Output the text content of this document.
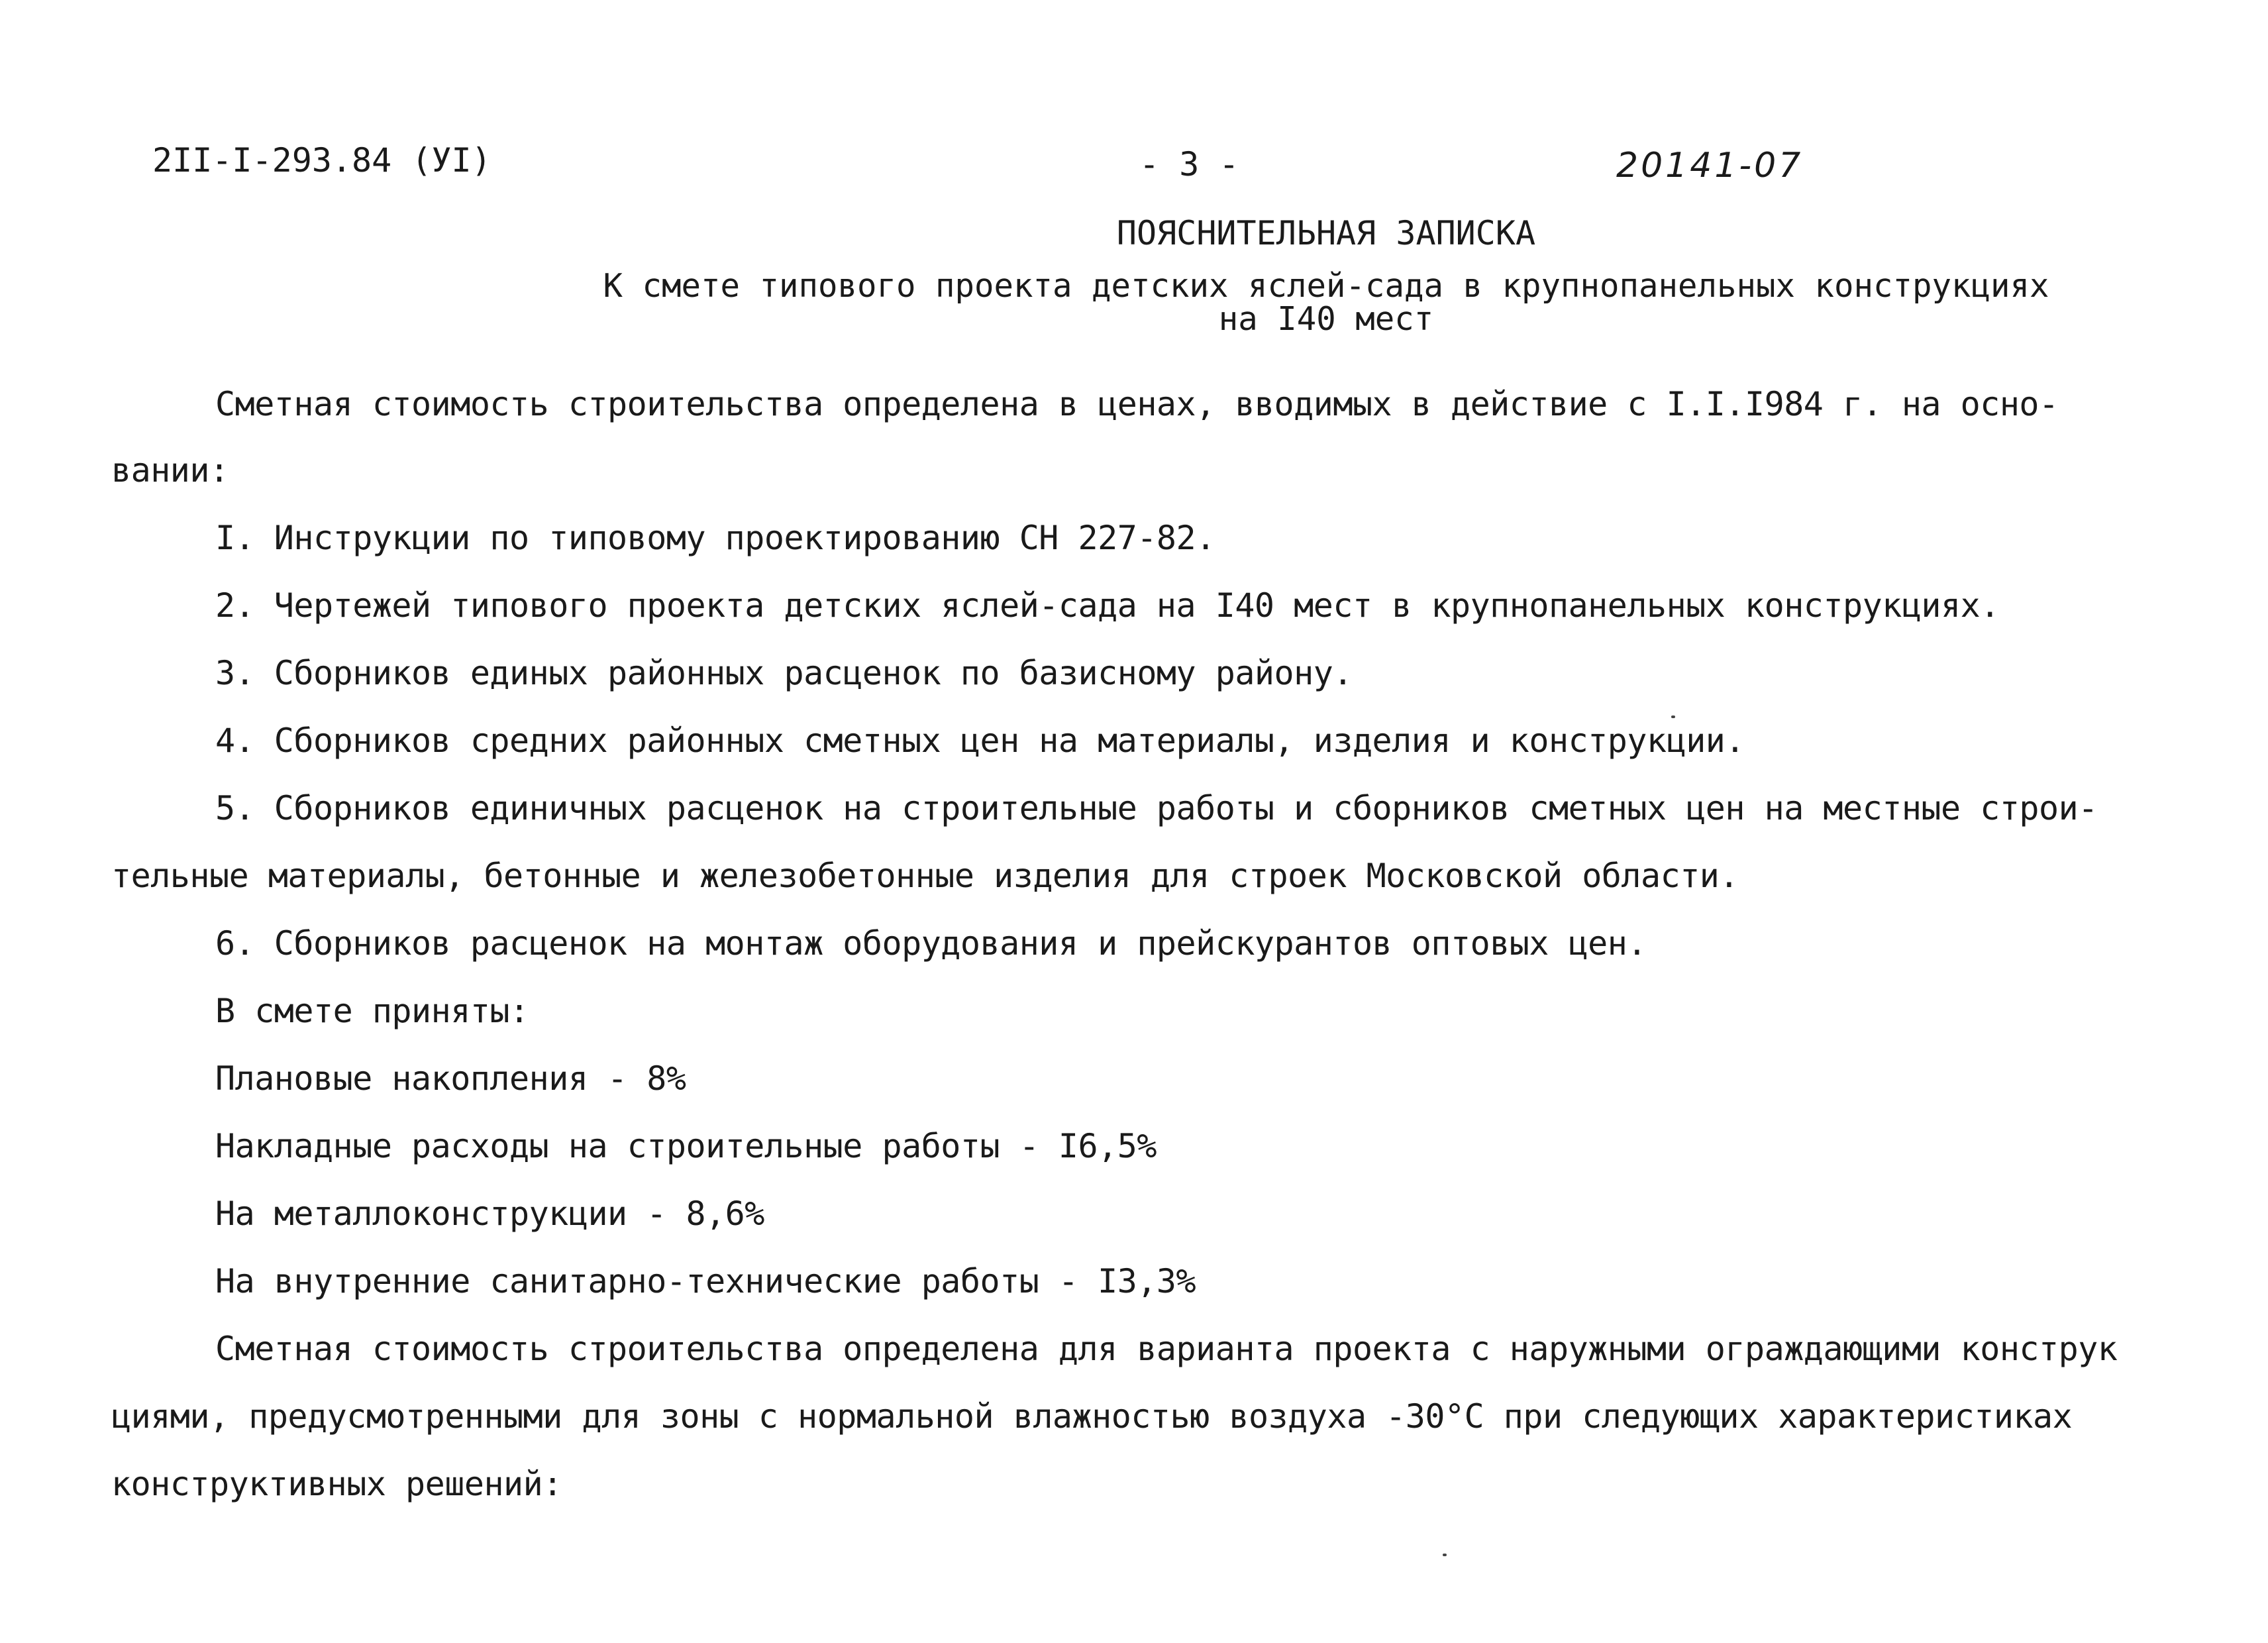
2II-I-293.84 (УI)	- 3 -	20141-07
ПОЯСНИТЕЛЬНАЯ ЗАПИСКА
К смете типового проекта детских яслей-сада в крупнопанельных конструкциях
на I40 мест
Сметная стоимость строительства определена в ценах, вводимых в действие с I.I.I984 г. на осно-
вании:
I. Инструкции по типовому проектированию СН 227-82.
2. Чертежей типового проекта детских яслей-сада на I40 мест в крупнопанельных конструкциях.
3. Сборников единых районных расценок по базисному району.
4. Сборников средних районных сметных цен на материалы, изделия и конструкции.
5. Сборников единичных расценок на строительные работы и сборников сметных цен на местные строи-
тельные материалы, бетонные и железобетонные изделия для строек Московской области.
6. Сборников расценок на монтаж оборудования и прейскурантов оптовых цен.
В смете приняты:
Плановые накопления - 8%
Накладные расходы на строительные работы - I6,5%
На металлоконструкции - 8,6%
На внутренние санитарно-технические работы - I3,3%
Сметная стоимость строительства определена для варианта проекта с наружными ограждающими конструк
циями, предусмотренными для зоны с нормальной влажностью воздуха -30°С при следующих характеристиках
конструктивных решений:
